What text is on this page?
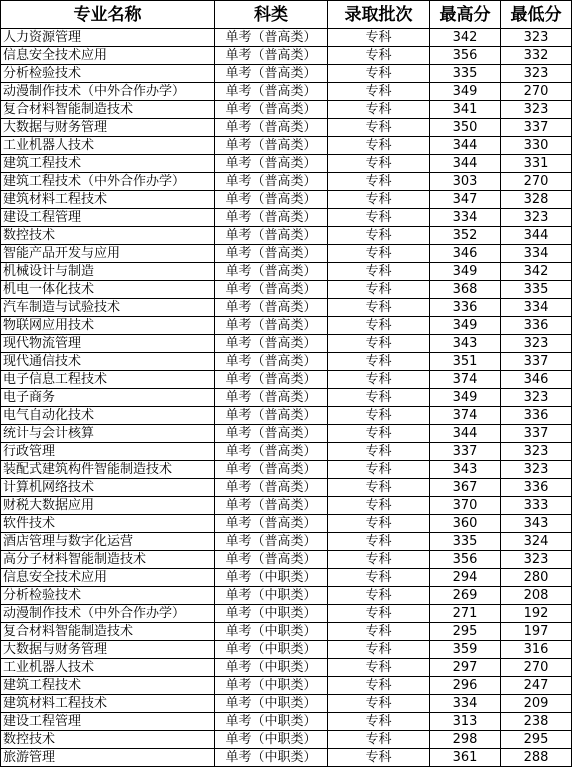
专业名称	科类	录取批次	最高分	最低分
人力资源管理	单考（普高类）	专科	342	323
信息安全技术应用	单考（普高类）	专科	356	332
分析检验技术	单考（普高类）	专科	335	323
动漫制作技术（中外合作办学）	单考（普高类）	专科	349	270
复合材料智能制造技术	单考（普高类）	专科	341	323
大数据与财务管理	单考（普高类）	专科	350	337
工业机器人技术	单考（普高类）	专科	344	330
建筑工程技术	单考（普高类）	专科	344	331
建筑工程技术（中外合作办学）	单考（普高类）	专科	303	270
建筑材料工程技术	单考（普高类）	专科	347	328
建设工程管理	单考（普高类）	专科	334	323
数控技术	单考（普高类）	专科	352	344
智能产品开发与应用	单考（普高类）	专科	346	334
机械设计与制造	单考（普高类）	专科	349	342
机电一体化技术	单考（普高类）	专科	368	335
汽车制造与试验技术	单考（普高类）	专科	336	334
物联网应用技术	单考（普高类）	专科	349	336
现代物流管理	单考（普高类）	专科	343	323
现代通信技术	单考（普高类）	专科	351	337
电子信息工程技术	单考（普高类）	专科	374	346
电子商务	单考（普高类）	专科	349	323
电气自动化技术	单考（普高类）	专科	374	336
统计与会计核算	单考（普高类）	专科	344	337
行政管理	单考（普高类）	专科	337	323
装配式建筑构件智能制造技术	单考（普高类）	专科	343	323
计算机网络技术	单考（普高类）	专科	367	336
财税大数据应用	单考（普高类）	专科	370	333
软件技术	单考（普高类）	专科	360	343
酒店管理与数字化运营	单考（普高类）	专科	335	324
高分子材料智能制造技术	单考（普高类）	专科	356	323
信息安全技术应用	单考（中职类）	专科	294	280
分析检验技术	单考（中职类）	专科	269	208
动漫制作技术（中外合作办学）	单考（中职类）	专科	271	192
复合材料智能制造技术	单考（中职类）	专科	295	197
大数据与财务管理	单考（中职类）	专科	359	316
工业机器人技术	单考（中职类）	专科	297	270
建筑工程技术	单考（中职类）	专科	296	247
建筑材料工程技术	单考（中职类）	专科	334	209
建设工程管理	单考（中职类）	专科	313	238
数控技术	单考（中职类）	专科	298	295
旅游管理	单考（中职类）	专科	361	288
